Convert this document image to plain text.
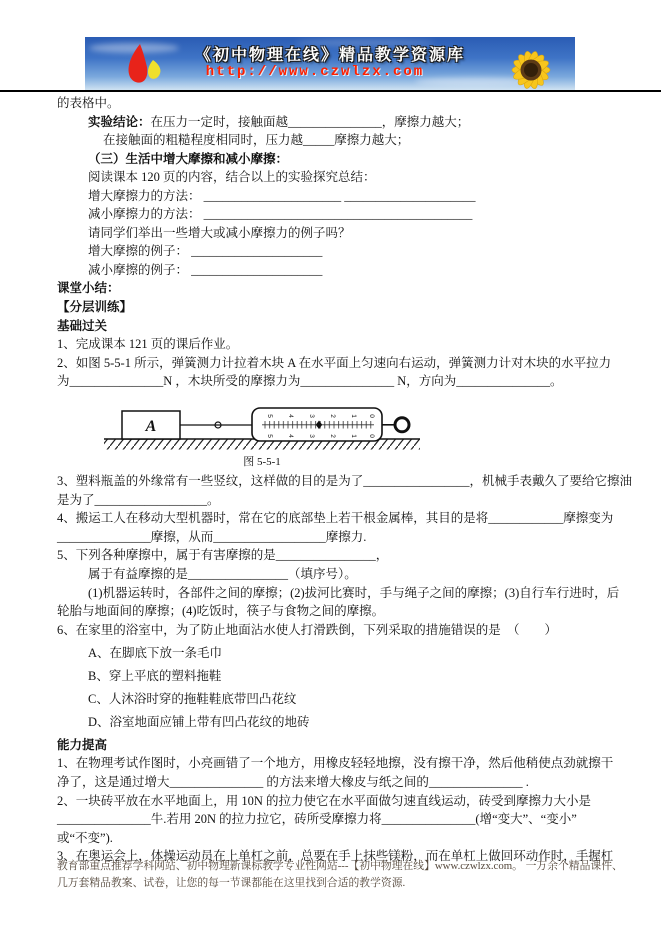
《初中物理在线》精品教学资源库
http://www.czwlzx.com
的表格中。
实验结论：在压力一定时，接触面越_______________，摩擦力越大；
在接触面的粗糙程度相同时，压力越_____摩擦力越大；
（三）生活中增大摩擦和减小摩擦：
阅读课本 120 页的内容，结合以上的实验探究总结：
增大摩擦力的方法： ______________________ _____________________
减小摩擦力的方法： ___________________________________________
请同学们举出一些增大或减小摩擦力的例子吗？
增大摩擦的例子： _____________________
减小摩擦的例子： _____________________
课堂小结：
【分层训练】
基础过关
1、完成课本 121 页的课后作业。
2、如图 5-5-1 所示，弹簧测力计拉着木块 A 在水平面上匀速向右运动，弹簧测力计对木块的水平拉力
为_______________N ，木块所受的摩擦力为_______________ N，方向为_______________。
A
5 4 3 2 1 0
5 4 3 2 1 0
图 5-5-1
3、塑料瓶盖的外缘常有一些竖纹，这样做的目的是为了_________________，机械手表戴久了要给它擦油
是为了__________________。
4、搬运工人在移动大型机器时，常在它的底部垫上若干根金属棒，其目的是将____________摩擦变为
_______________摩擦，从而__________________摩擦力.
5、下列各种摩擦中，属于有害摩擦的是________________，
属于有益摩擦的是________________（填序号）。
(1)机器运转时，各部件之间的摩擦；(2)拔河比赛时，手与绳子之间的摩擦；(3)自行车行进时，后
轮胎与地面间的摩擦；(4)吃饭时，筷子与食物之间的摩擦。
6、在家里的浴室中，为了防止地面沾水使人打滑跌倒，下列采取的措施错误的是　（　　）
A、在脚底下放一条毛巾
B、穿上平底的塑料拖鞋
C、人沐浴时穿的拖鞋鞋底带凹凸花纹
D、浴室地面应铺上带有凹凸花纹的地砖
能力提高
1、在物理考试作图时，小亮画错了一个地方，用橡皮轻轻地擦，没有擦干净，然后他稍使点劲就擦干
净了，这是通过增大_______________ 的方法来增大橡皮与纸之间的_______________ .
2、一块砖平放在水平地面上，用 10N 的拉力使它在水平面做匀速直线运动，砖受到摩擦力大小是
_______________牛.若用 20N 的拉力拉它，砖所受摩擦力将_______________(增“变大”、“变小”
或“不变”).
3、在奥运会上，体操运动员在上单杠之前，总要在手上抹些镁粉，而在单杠上做回环动作时，手握杠
教育部重点推荐学科网站、初中物理新课标教学专业性网站---【初中物理在线】www.czwlzx.com。 一万余个精品课件、
几万套精品教案、试卷，让您的每一节课都能在这里找到合适的教学资源.
